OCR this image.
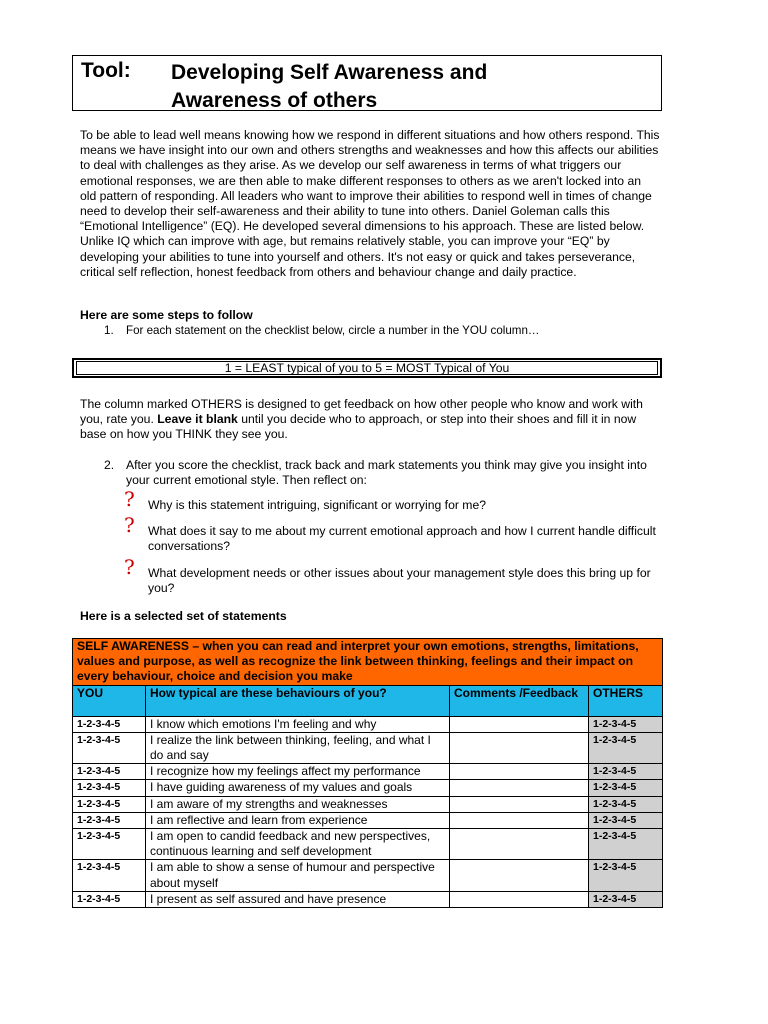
Tool: Developing Self Awareness and
Awareness of others
To be able to lead well means knowing how we respond in different situations and how others respond. This means we have insight into our own and others strengths and weaknesses and how this affects our abilities to deal with challenges as they arise. As we develop our self awareness in terms of what triggers our emotional responses, we are then able to make different responses to others as we aren't locked into an old pattern of responding. All leaders who want to improve their abilities to respond well in times of change need to develop their self-awareness and their ability to tune into others. Daniel Goleman calls this “Emotional Intelligence” (EQ). He developed several dimensions to his approach. These are listed below. Unlike IQ which can improve with age, but remains relatively stable, you can improve your “EQ” by developing your abilities to tune into yourself and others. It's not easy or quick and takes perseverance, critical self reflection, honest feedback from others and behaviour change and daily practice.
Here are some steps to follow
1. For each statement on the checklist below, circle a number in the YOU column…
1 = LEAST typical of you to 5 = MOST Typical of You
The column marked OTHERS is designed to get feedback on how other people who know and work with you, rate you. Leave it blank until you decide who to approach, or step into their shoes and fill it in now base on how you THINK they see you.
2. After you score the checklist, track back and mark statements you think may give you insight into your current emotional style. Then reflect on:
? Why is this statement intriguing, significant or worrying for me?
? What does it say to me about my current emotional approach and how I current handle difficult conversations?
? What development needs or other issues about your management style does this bring up for you?
Here is a selected set of statements
SELF AWARENESS – when you can read and interpret your own emotions, strengths, limitations, values and purpose, as well as recognize the link between thinking, feelings and their impact on every behaviour, choice and decision you make			
YOU	How typical are these behaviours of you?	Comments /Feedback	OTHERS
1-2-3-4-5	I know which emotions I'm feeling and why		1-2-3-4-5
1-2-3-4-5	I realize the link between thinking, feeling, and what I do and say		1-2-3-4-5
1-2-3-4-5	I recognize how my feelings affect my performance		1-2-3-4-5
1-2-3-4-5	I have guiding awareness of my values and goals		1-2-3-4-5
1-2-3-4-5	I am aware of my strengths and weaknesses		1-2-3-4-5
1-2-3-4-5	I am reflective and learn from experience		1-2-3-4-5
1-2-3-4-5	I am open to candid feedback and new perspectives, continuous learning and self development		1-2-3-4-5
1-2-3-4-5	I am able to show a sense of humour and perspective about myself		1-2-3-4-5
1-2-3-4-5	I present as self assured and have presence		1-2-3-4-5
